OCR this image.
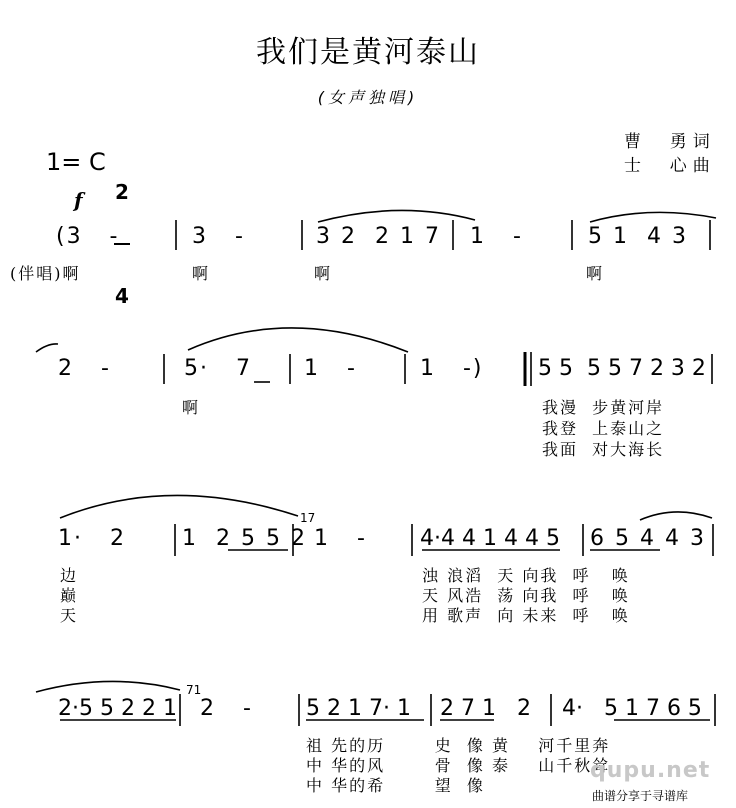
我们是黄河泰山
(女声独唱)
曹  勇词
士  心曲
1= C

2

4

f
(3   -	3   -	3 2  2 1 7 1   -	5 1  4 3
(伴唱)啊	啊	啊	啊
2   -	5·   7 1   -	1   -) 5 5  5 5 7 2 3 2
啊	我漫  步黄河岸
我登  上泰山之
我面  对大海长
1·   2	1  2 5 5 2
17
1   - 4·4 4 1 4 4 5 6 5 4 4 3
边
巅
天
浊 浪滔  天 向我  呼   唤
天 风浩  荡 向我  呼   唤
用 歌声  向 未来  呼   唤
2·5 5 2 2 1
71
2   - 5 2 1 7· 1 2 7 1   2 4·   5 1 7 6 5
祖 先的历       史  像 黄    河千里奔
中 华的风       骨  像 泰    山千秋耸
中 华的希       望  像
qupu.net
曲谱分享于寻谱库
